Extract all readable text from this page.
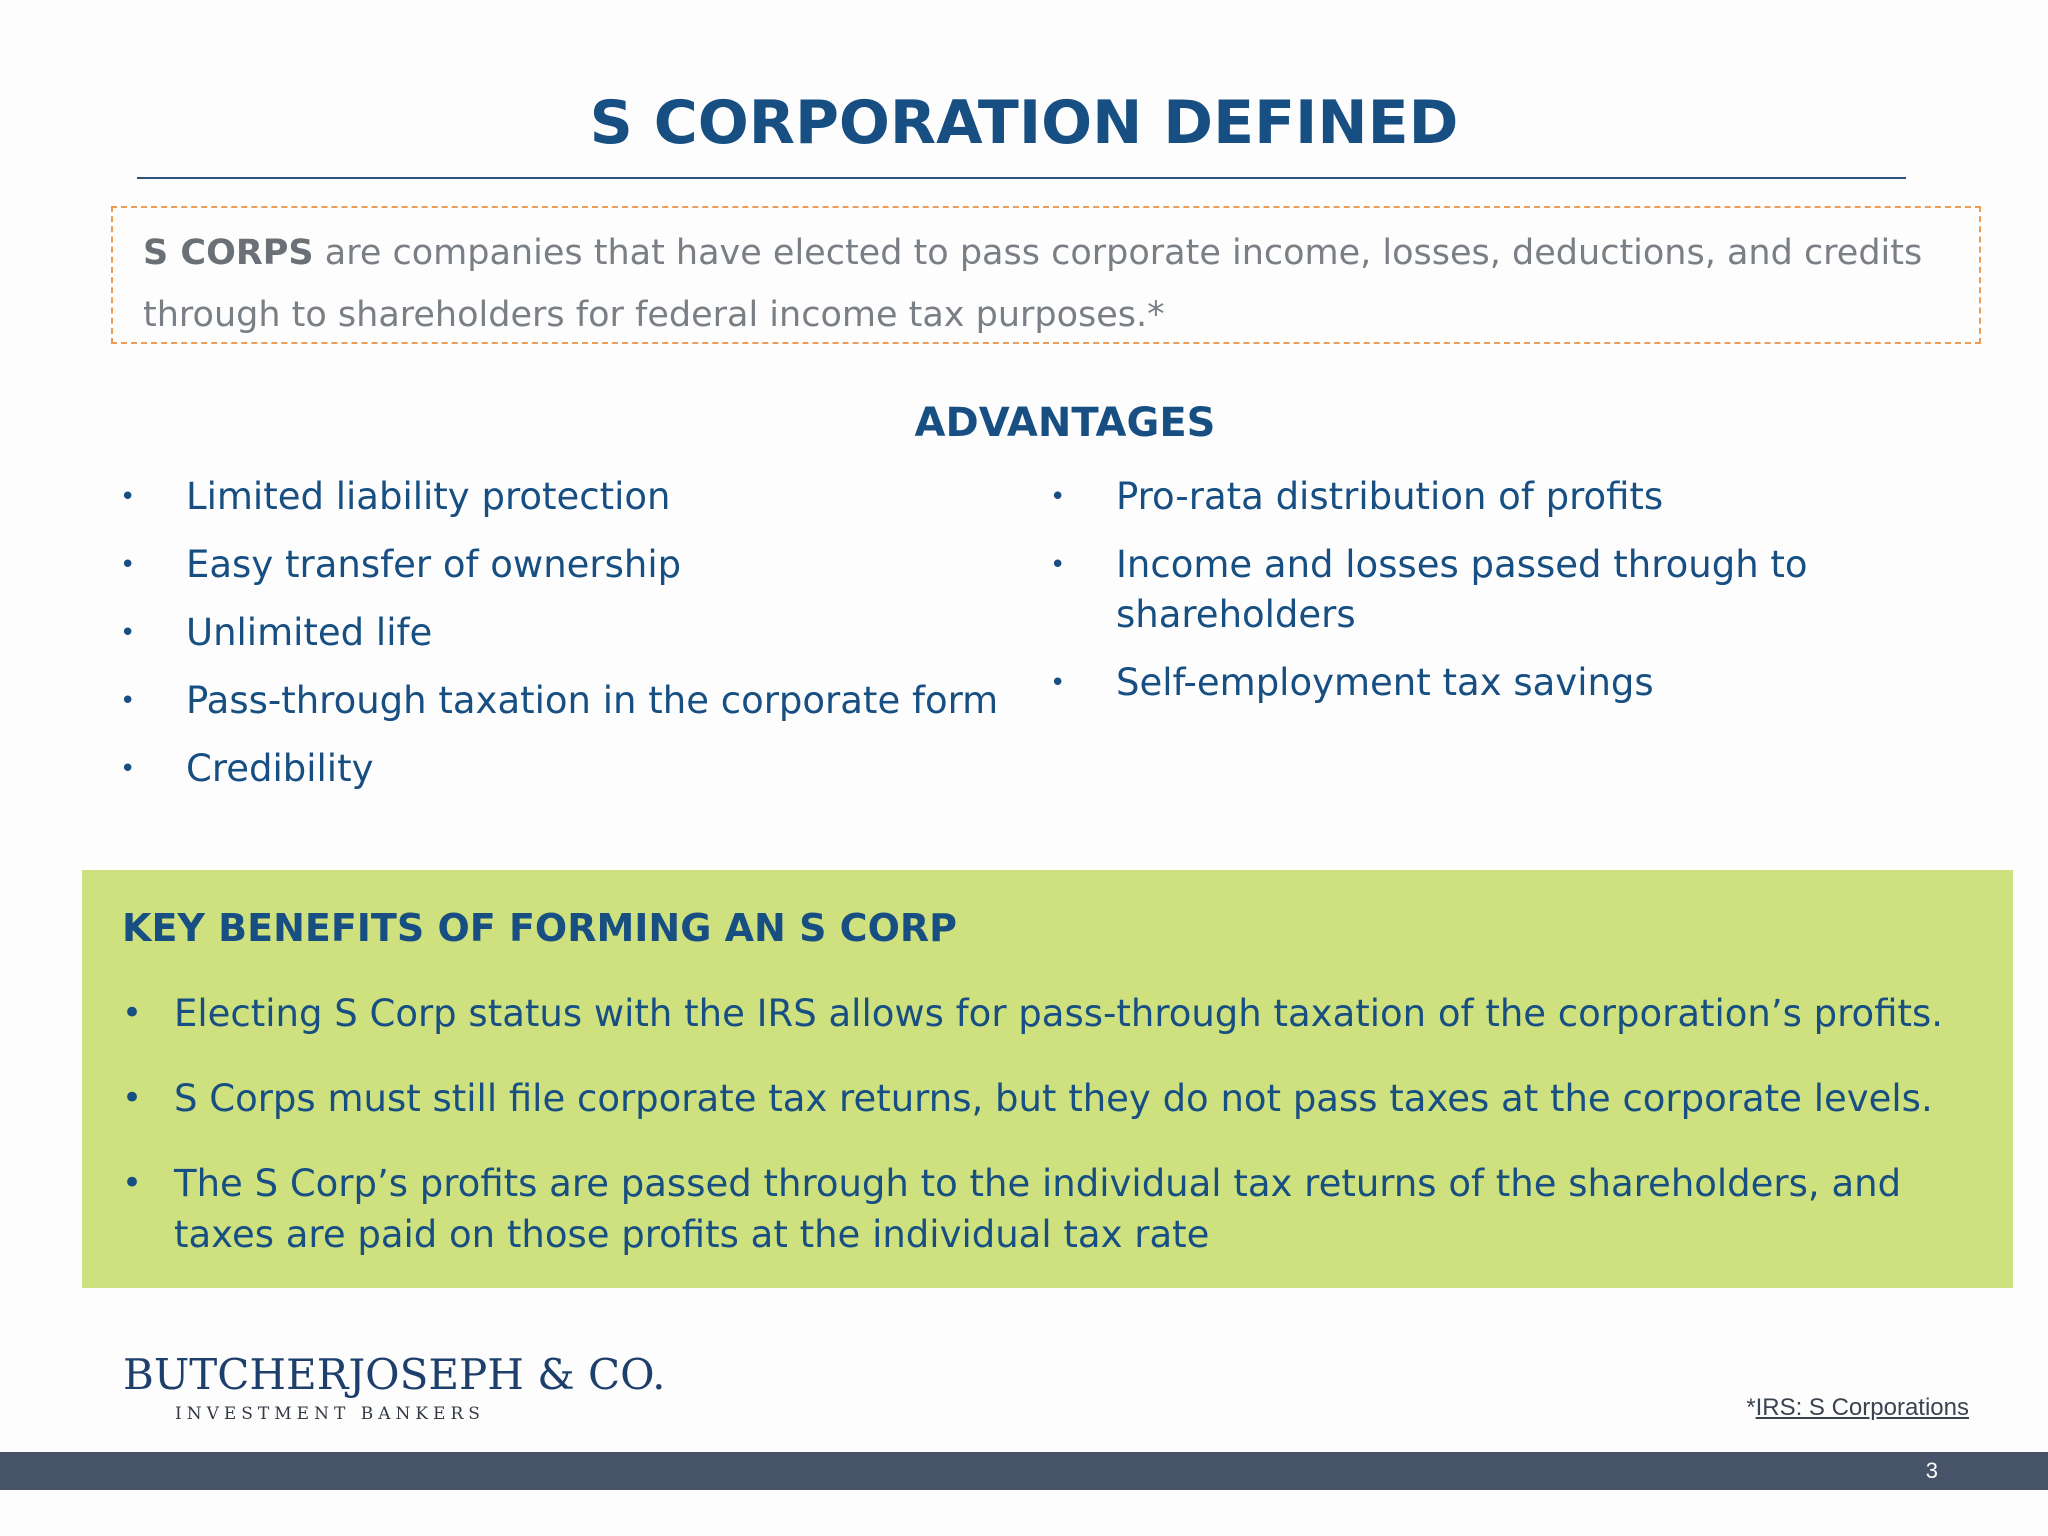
S CORPORATION DEFINED
S CORPS are companies that have elected to pass corporate income, losses, deductions, and credits through to shareholders for federal income tax purposes.*
ADVANTAGES
• Limited liability protection
• Easy transfer of ownership
• Unlimited life
• Pass-through taxation in the corporate form
• Credibility
• Pro-rata distribution of profits
• Income and losses passed through to shareholders
• Self-employment tax savings
KEY BENEFITS OF FORMING AN S CORP
• Electing S Corp status with the IRS allows for pass-through taxation of the corporation’s profits.
• S Corps must still file corporate tax returns, but they do not pass taxes at the corporate levels.
• The S Corp’s profits are passed through to the individual tax returns of the shareholders, and taxes are paid on those profits at the individual tax rate
BUTCHERJOSEPH & CO.
INVESTMENT BANKERS	*IRS: S Corporations
3
